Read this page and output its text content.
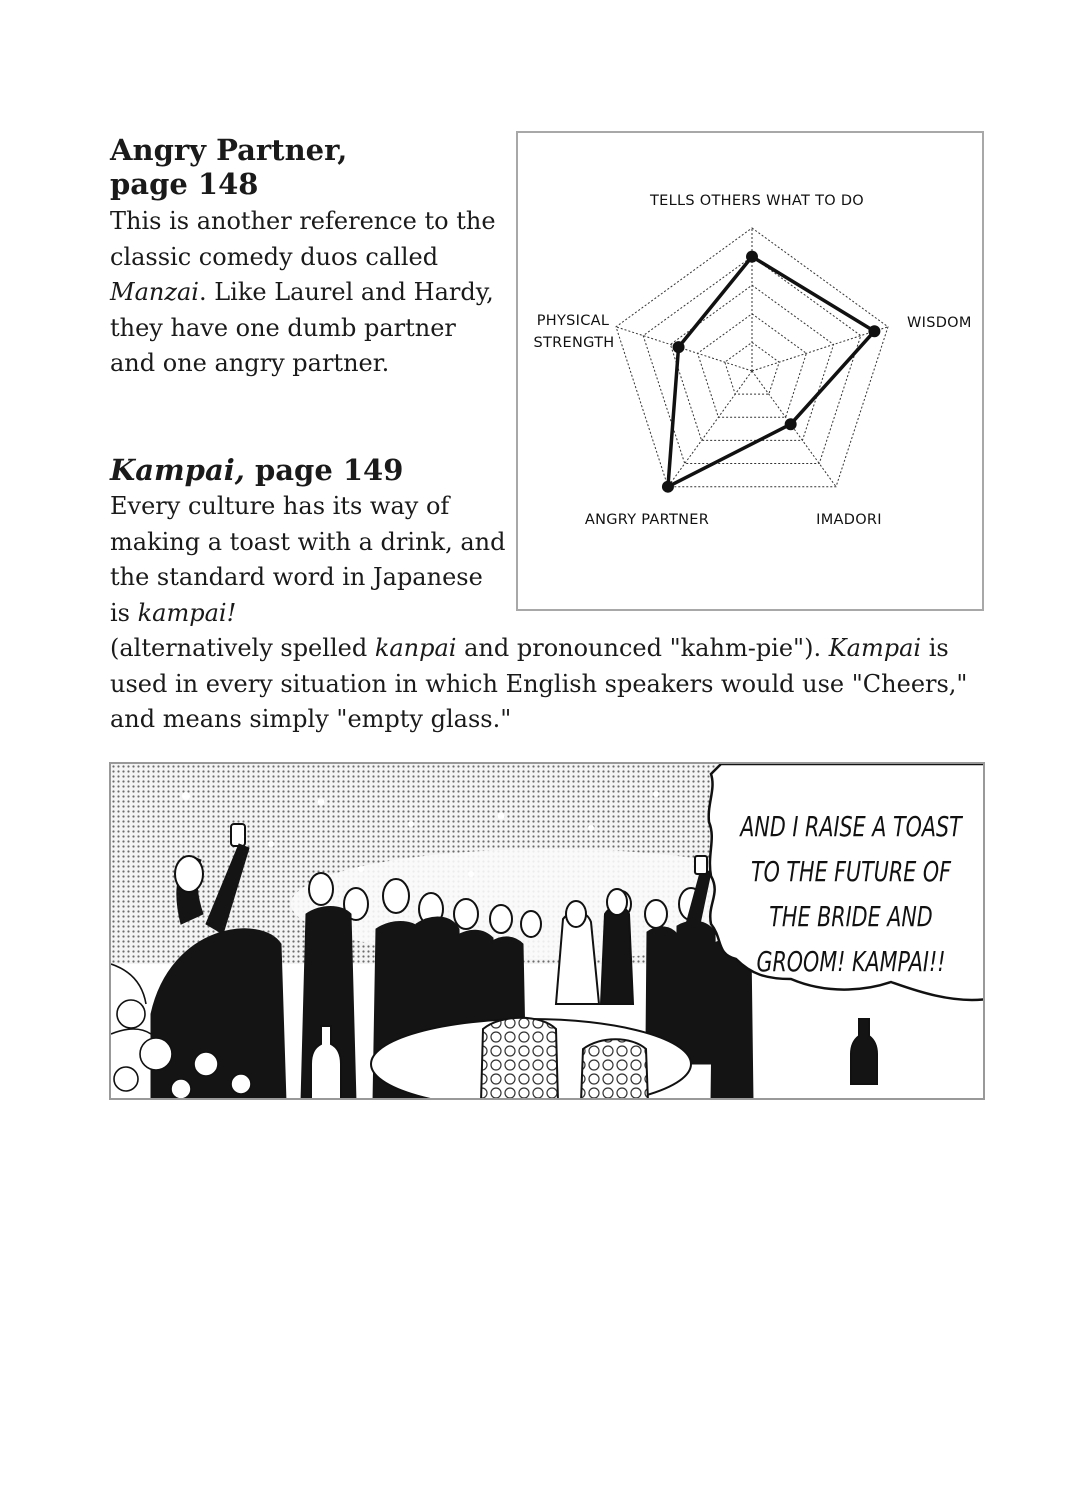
Angry Partner,
page 148

This is another reference to the classic comedy duos called Manzai. Like Laurel and Hardy, they have one dumb partner and one angry partner.

Kampai, page 149

Every culture has its way of making a toast with a drink, and the standard word in Japanese is kampai!

(alternatively spelled kanpai and pronounced "kahm-pie"). Kampai is used in every situation in which English speakers would use "Cheers," and means simply "empty glass."

TELLS OTHERS WHAT TO DO
WISDOM
IMADORI
ANGRY PARTNER
PHYSICAL
STRENGTH

AND I RAISE A TOAST
TO THE FUTURE OF
THE BRIDE AND
GROOM! KAMPAI!!
